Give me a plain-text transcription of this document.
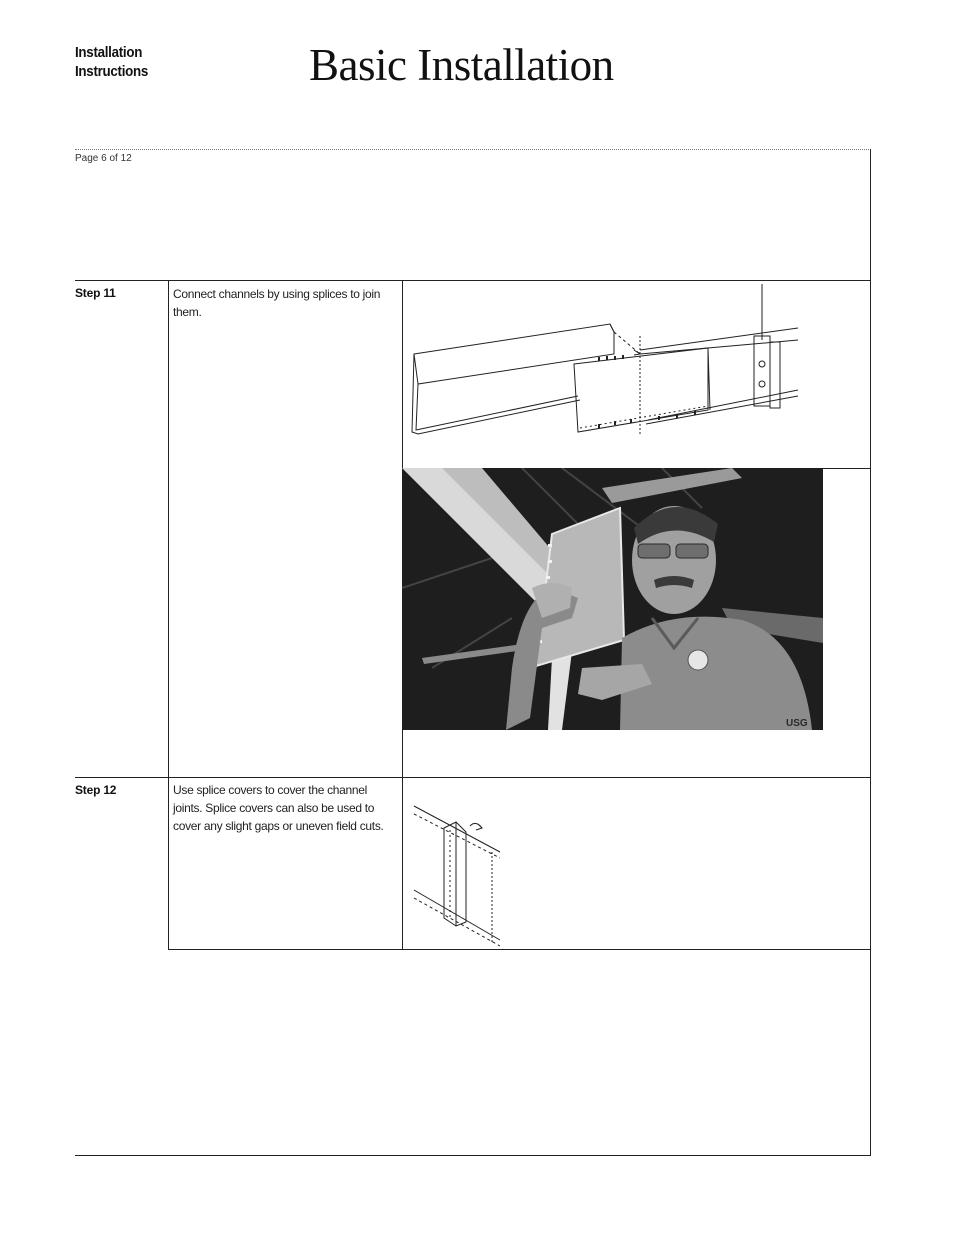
Installation
Instructions	Basic Installation
Page 6 of 12
Step 11	Connect channels by using splices to join them.
USG
Step 12	Use splice covers to cover the channel joints. Splice covers can also be used to cover any slight gaps or uneven field cuts.
